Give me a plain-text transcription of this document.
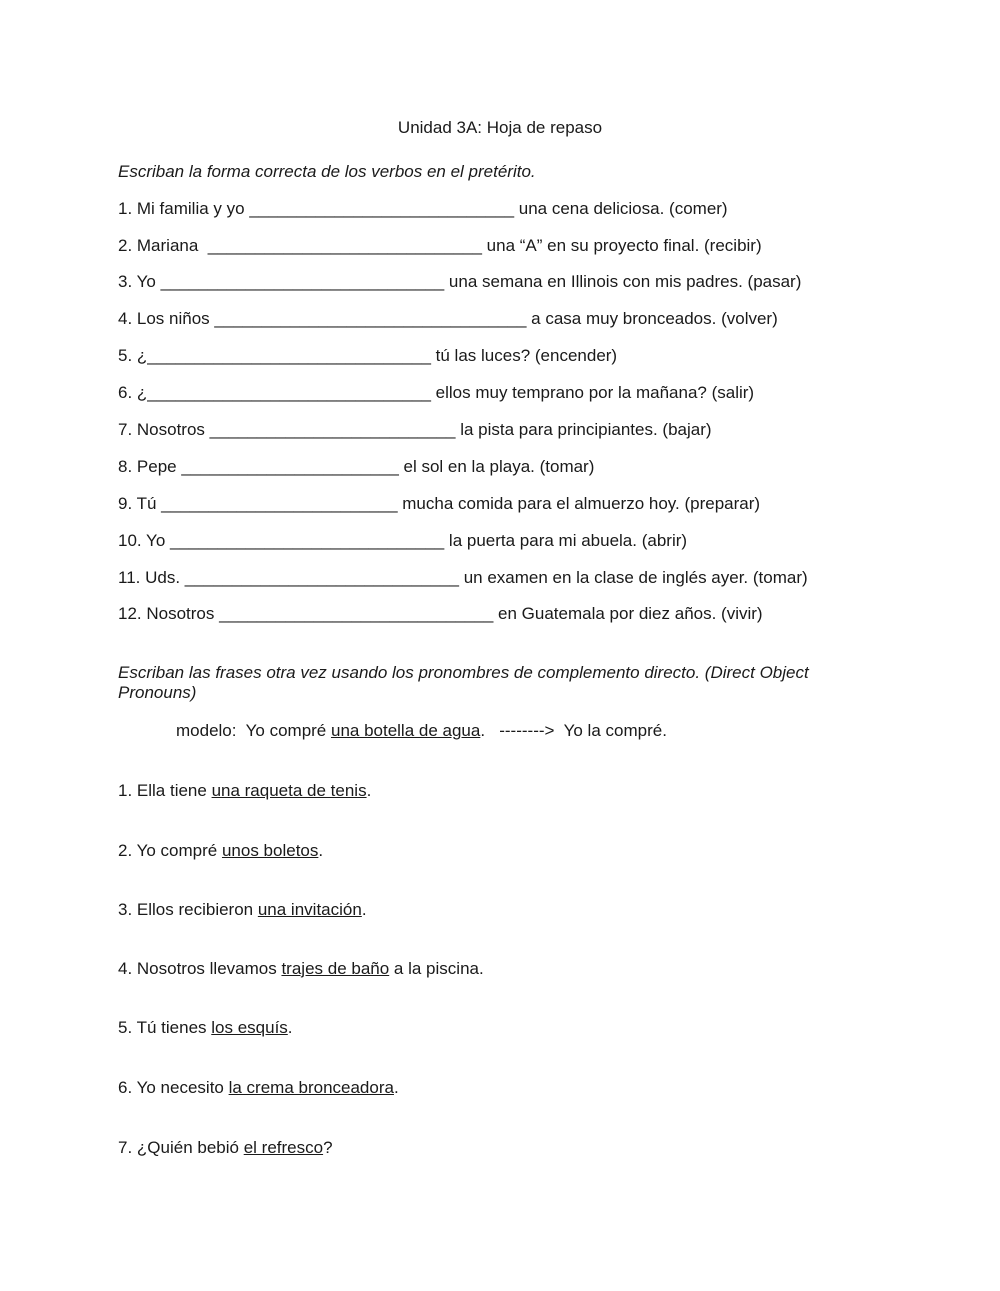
Unidad 3A: Hoja de repaso
Escriban la forma correcta de los verbos en el pretérito.
1. Mi familia y yo ____________________________ una cena deliciosa. (comer)
2. Mariana  _____________________________ una “A” en su proyecto final. (recibir)
3. Yo ______________________________ una semana en Illinois con mis padres. (pasar)
4. Los niños _________________________________ a casa muy bronceados. (volver)
5. ¿______________________________ tú las luces? (encender)
6. ¿______________________________ ellos muy temprano por la mañana? (salir)
7. Nosotros __________________________ la pista para principiantes. (bajar)
8. Pepe _______________________ el sol en la playa. (tomar)
9. Tú _________________________ mucha comida para el almuerzo hoy. (preparar)
10. Yo _____________________________ la puerta para mi abuela. (abrir)
11. Uds. _____________________________ un examen en la clase de inglés ayer. (tomar)
12. Nosotros _____________________________ en Guatemala por diez años. (vivir)
Escriban las frases otra vez usando los pronombres de complemento directo. (Direct Object Pronouns)
modelo:  Yo compré una botella de agua.   -------->  Yo la compré.
1. Ella tiene una raqueta de tenis.
2. Yo compré unos boletos.
3. Ellos recibieron una invitación.
4. Nosotros llevamos trajes de baño a la piscina.
5. Tú tienes los esquís.
6. Yo necesito la crema bronceadora.
7. ¿Quién bebió el refresco?
